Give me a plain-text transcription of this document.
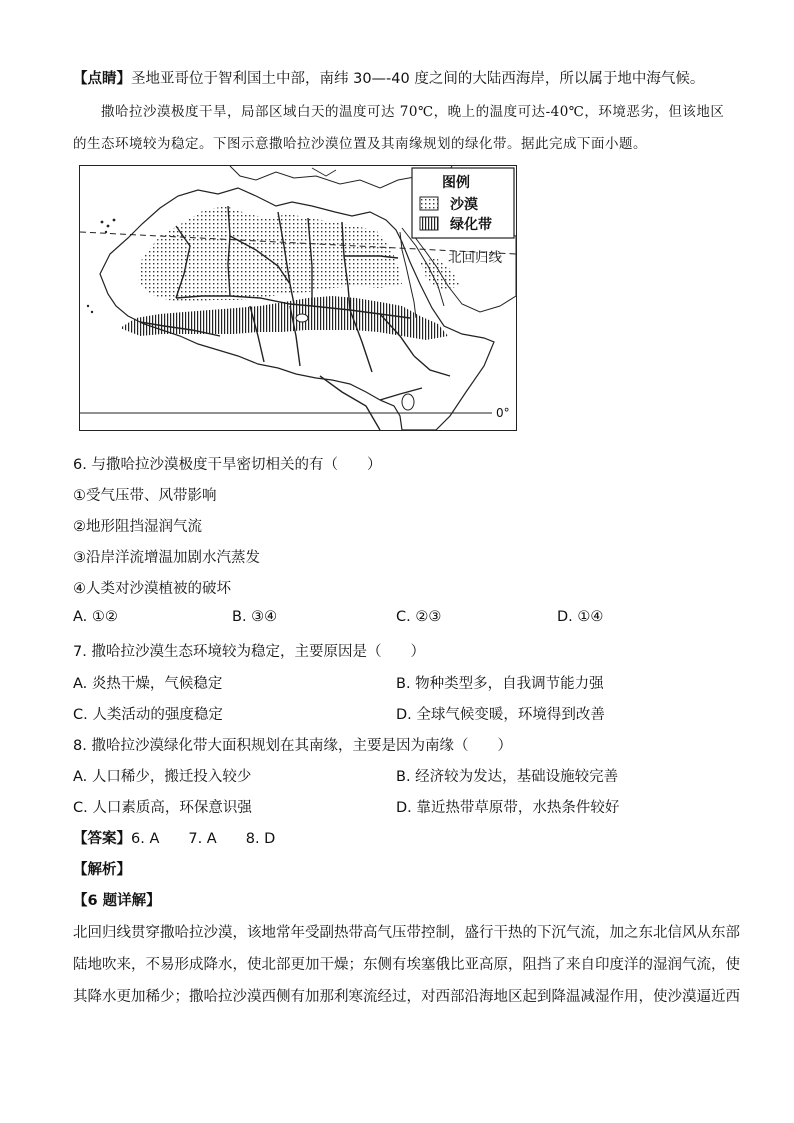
【点睛】圣地亚哥位于智利国土中部，南纬 30—-40 度之间的大陆西海岸，所以属于地中海气候。
撒哈拉沙漠极度干旱，局部区域白天的温度可达 70℃，晚上的温度可达-40℃，环境恶劣，但该地区
的生态环境较为稳定。下图示意撒哈拉沙漠位置及其南缘规划的绿化带。据此完成下面小题。
图例
沙漠
绿化带
北回归线
0°
6. 与撒哈拉沙漠极度干旱密切相关的有（　　）
①受气压带、风带影响
②地形阻挡湿润气流
③沿岸洋流增温加剧水汽蒸发
④人类对沙漠植被的破坏
A. ①②	B. ③④	C. ②③	D. ①④
7. 撒哈拉沙漠生态环境较为稳定，主要原因是（　　）
A. 炎热干燥，气候稳定	B. 物种类型多，自我调节能力强
C. 人类活动的强度稳定	D. 全球气候变暖，环境得到改善
8. 撒哈拉沙漠绿化带大面积规划在其南缘，主要是因为南缘（　　）
A. 人口稀少，搬迁投入较少	B. 经济较为发达，基础设施较完善
C. 人口素质高，环保意识强	D. 靠近热带草原带，水热条件较好
【答案】6. A　　7. A　　8. D
【解析】
【6 题详解】
北回归线贯穿撒哈拉沙漠，该地常年受副热带高气压带控制，盛行干热的下沉气流，加之东北信风从东部
陆地吹来，不易形成降水，使北部更加干燥；东侧有埃塞俄比亚高原，阻挡了来自印度洋的湿润气流，使
其降水更加稀少；撒哈拉沙漠西侧有加那利寒流经过，对西部沿海地区起到降温减湿作用，使沙漠逼近西
